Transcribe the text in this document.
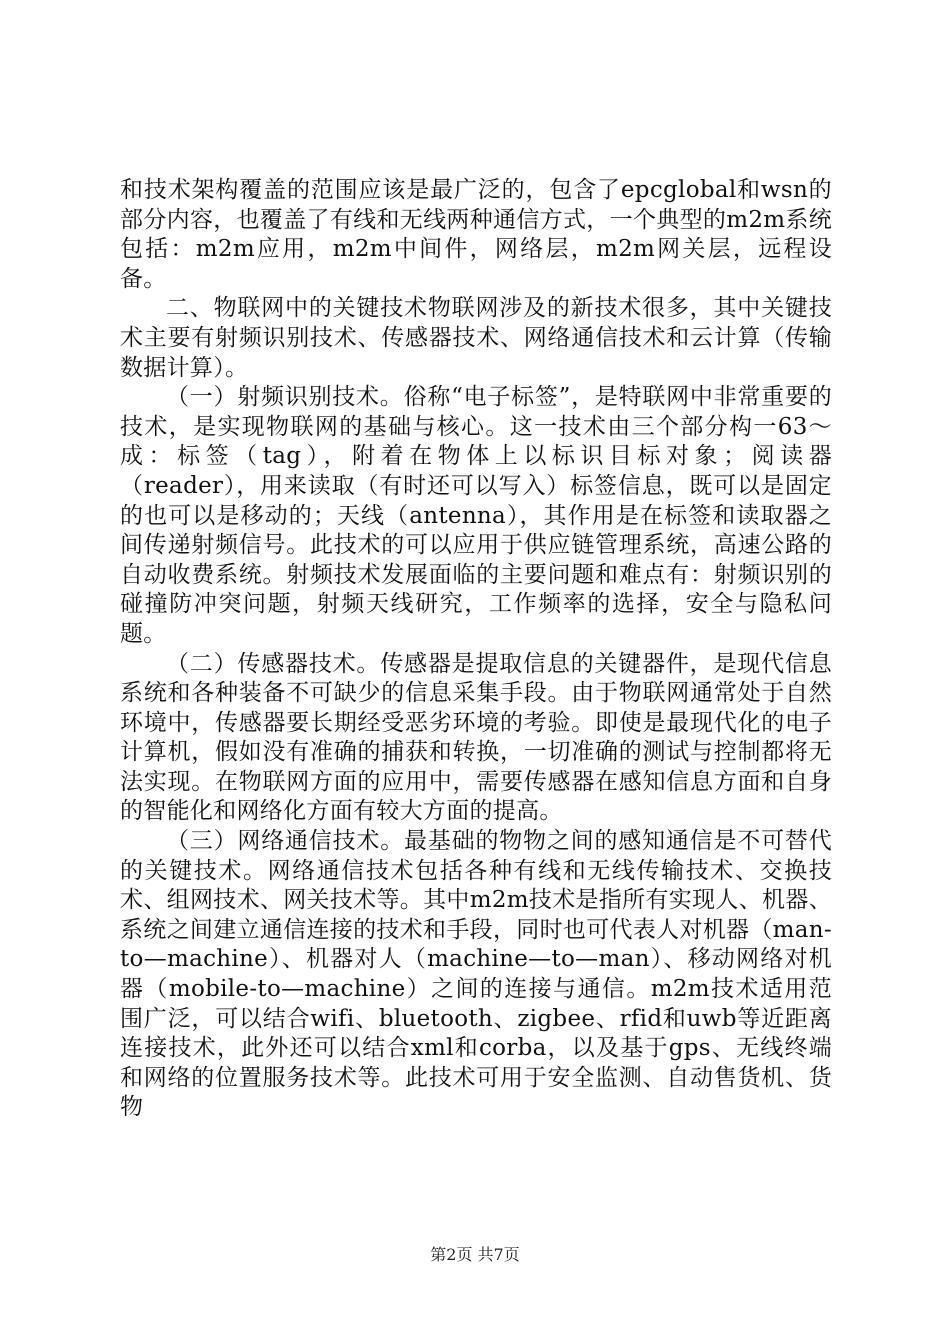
和技术架构覆盖的范围应该是最广泛的，包含了epcglobal和wsn的部分内容，也覆盖了有线和无线两种通信方式，一个典型的m2m系统包括：m2m应用，m2m中间件，网络层，m2m网关层，远程设备。

二、物联网中的关键技术物联网涉及的新技术很多，其中关键技术主要有射频识别技术、传感器技术、网络通信技术和云计算（传输数据计算）。

（一）射频识别技术。俗称“电子标签”，是特联网中非常重要的技术，是实现物联网的基础与核心。这一技术由三个部分构一63～成：标签（tag），附着在物体上以标识目标对象；阅读器（reader），用来读取（有时还可以写入）标签信息，既可以是固定的也可以是移动的；天线（antenna），其作用是在标签和读取器之间传递射频信号。此技术的可以应用于供应链管理系统，高速公路的自动收费系统。射频技术发展面临的主要问题和难点有：射频识别的碰撞防冲突问题，射频天线研究，工作频率的选择，安全与隐私问题。

（二）传感器技术。传感器是提取信息的关键器件，是现代信息系统和各种装备不可缺少的信息采集手段。由于物联网通常处于自然环境中，传感器要长期经受恶劣环境的考验。即使是最现代化的电子计算机，假如没有准确的捕获和转换，一切准确的测试与控制都将无法实现。在物联网方面的应用中，需要传感器在感知信息方面和自身的智能化和网络化方面有较大方面的提高。

（三）网络通信技术。最基础的物物之间的感知通信是不可替代的关键技术。网络通信技术包括各种有线和无线传输技术、交换技术、组网技术、网关技术等。其中m2m技术是指所有实现人、机器、系统之间建立通信连接的技术和手段，同时也可代表人对机器（man-to—machine）、机器对人（machine—to—man）、移动网络对机器（mobile-to—machine）之间的连接与通信。m2m技术适用范围广泛，可以结合wifi、bluetooth、zigbee、rfid和uwb等近距离连接技术，此外还可以结合xml和corba，以及基于gps、无线终端和网络的位置服务技术等。此技术可用于安全监测、自动售货机、货物

第2页 共7页
